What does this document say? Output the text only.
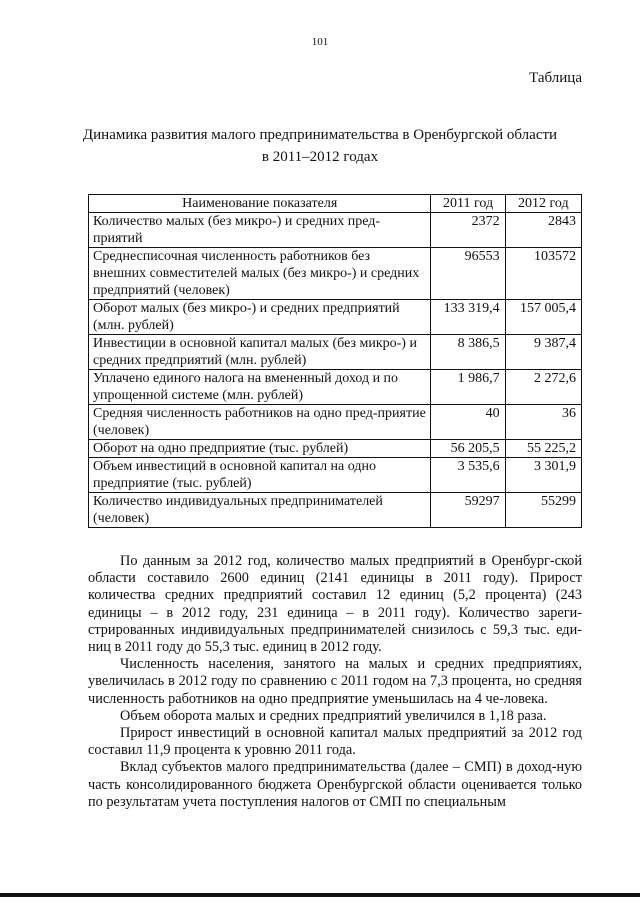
101
Таблица
Динамика развития малого предпринимательства в Оренбургской области
в 2011–2012 годах
Наименование показателя	2011 год	2012 год
Количество малых (без микро-) и средних пред-приятий	2372	2843
Среднесписочная численность работников без внешних совместителей малых (без микро-) и средних предприятий (человек)	96553	103572
Оборот малых (без микро-) и средних предприятий (млн. рублей)	133 319,4	157 005,4
Инвестиции в основной капитал малых (без микро-) и средних предприятий (млн. рублей)	8 386,5	9 387,4
Уплачено единого налога на вмененный доход и по упрощенной системе (млн. рублей)	1 986,7	2 272,6
Средняя численность работников на одно пред-приятие (человек)	40	36
Оборот на одно предприятие (тыс. рублей)	56 205,5	55 225,2
Объем инвестиций в основной капитал на одно предприятие (тыс. рублей)	3 535,6	3 301,9
Количество индивидуальных предпринимателей (человек)	59297	55299

По данным за 2012 год, количество малых предприятий в Оренбург-ской области составило 2600 единиц (2141 единицы в 2011 году). Прирост количества средних предприятий составил 12 единиц (5,2 процента) (243 единицы – в 2012 году, 231 единица – в 2011 году). Количество зареги-стрированных индивидуальных предпринимателей снизилось с 59,3 тыс. еди-ниц в 2011 году до 55,3 тыс. единиц в 2012 году.

Численность населения, занятого на малых и средних предприятиях, увеличилась в 2012 году по сравнению с 2011 годом на 7,3 процента, но средняя численность работников на одно предприятие уменьшилась на 4 че-ловека.

Объем оборота малых и средних предприятий увеличился в 1,18 раза.

Прирост инвестиций в основной капитал малых предприятий за 2012 год составил 11,9 процента к уровню 2011 года.

Вклад субъектов малого предпринимательства (далее – СМП) в доход-ную часть консолидированного бюджета Оренбургской области оценивается только по результатам учета поступления налогов от СМП по специальным
